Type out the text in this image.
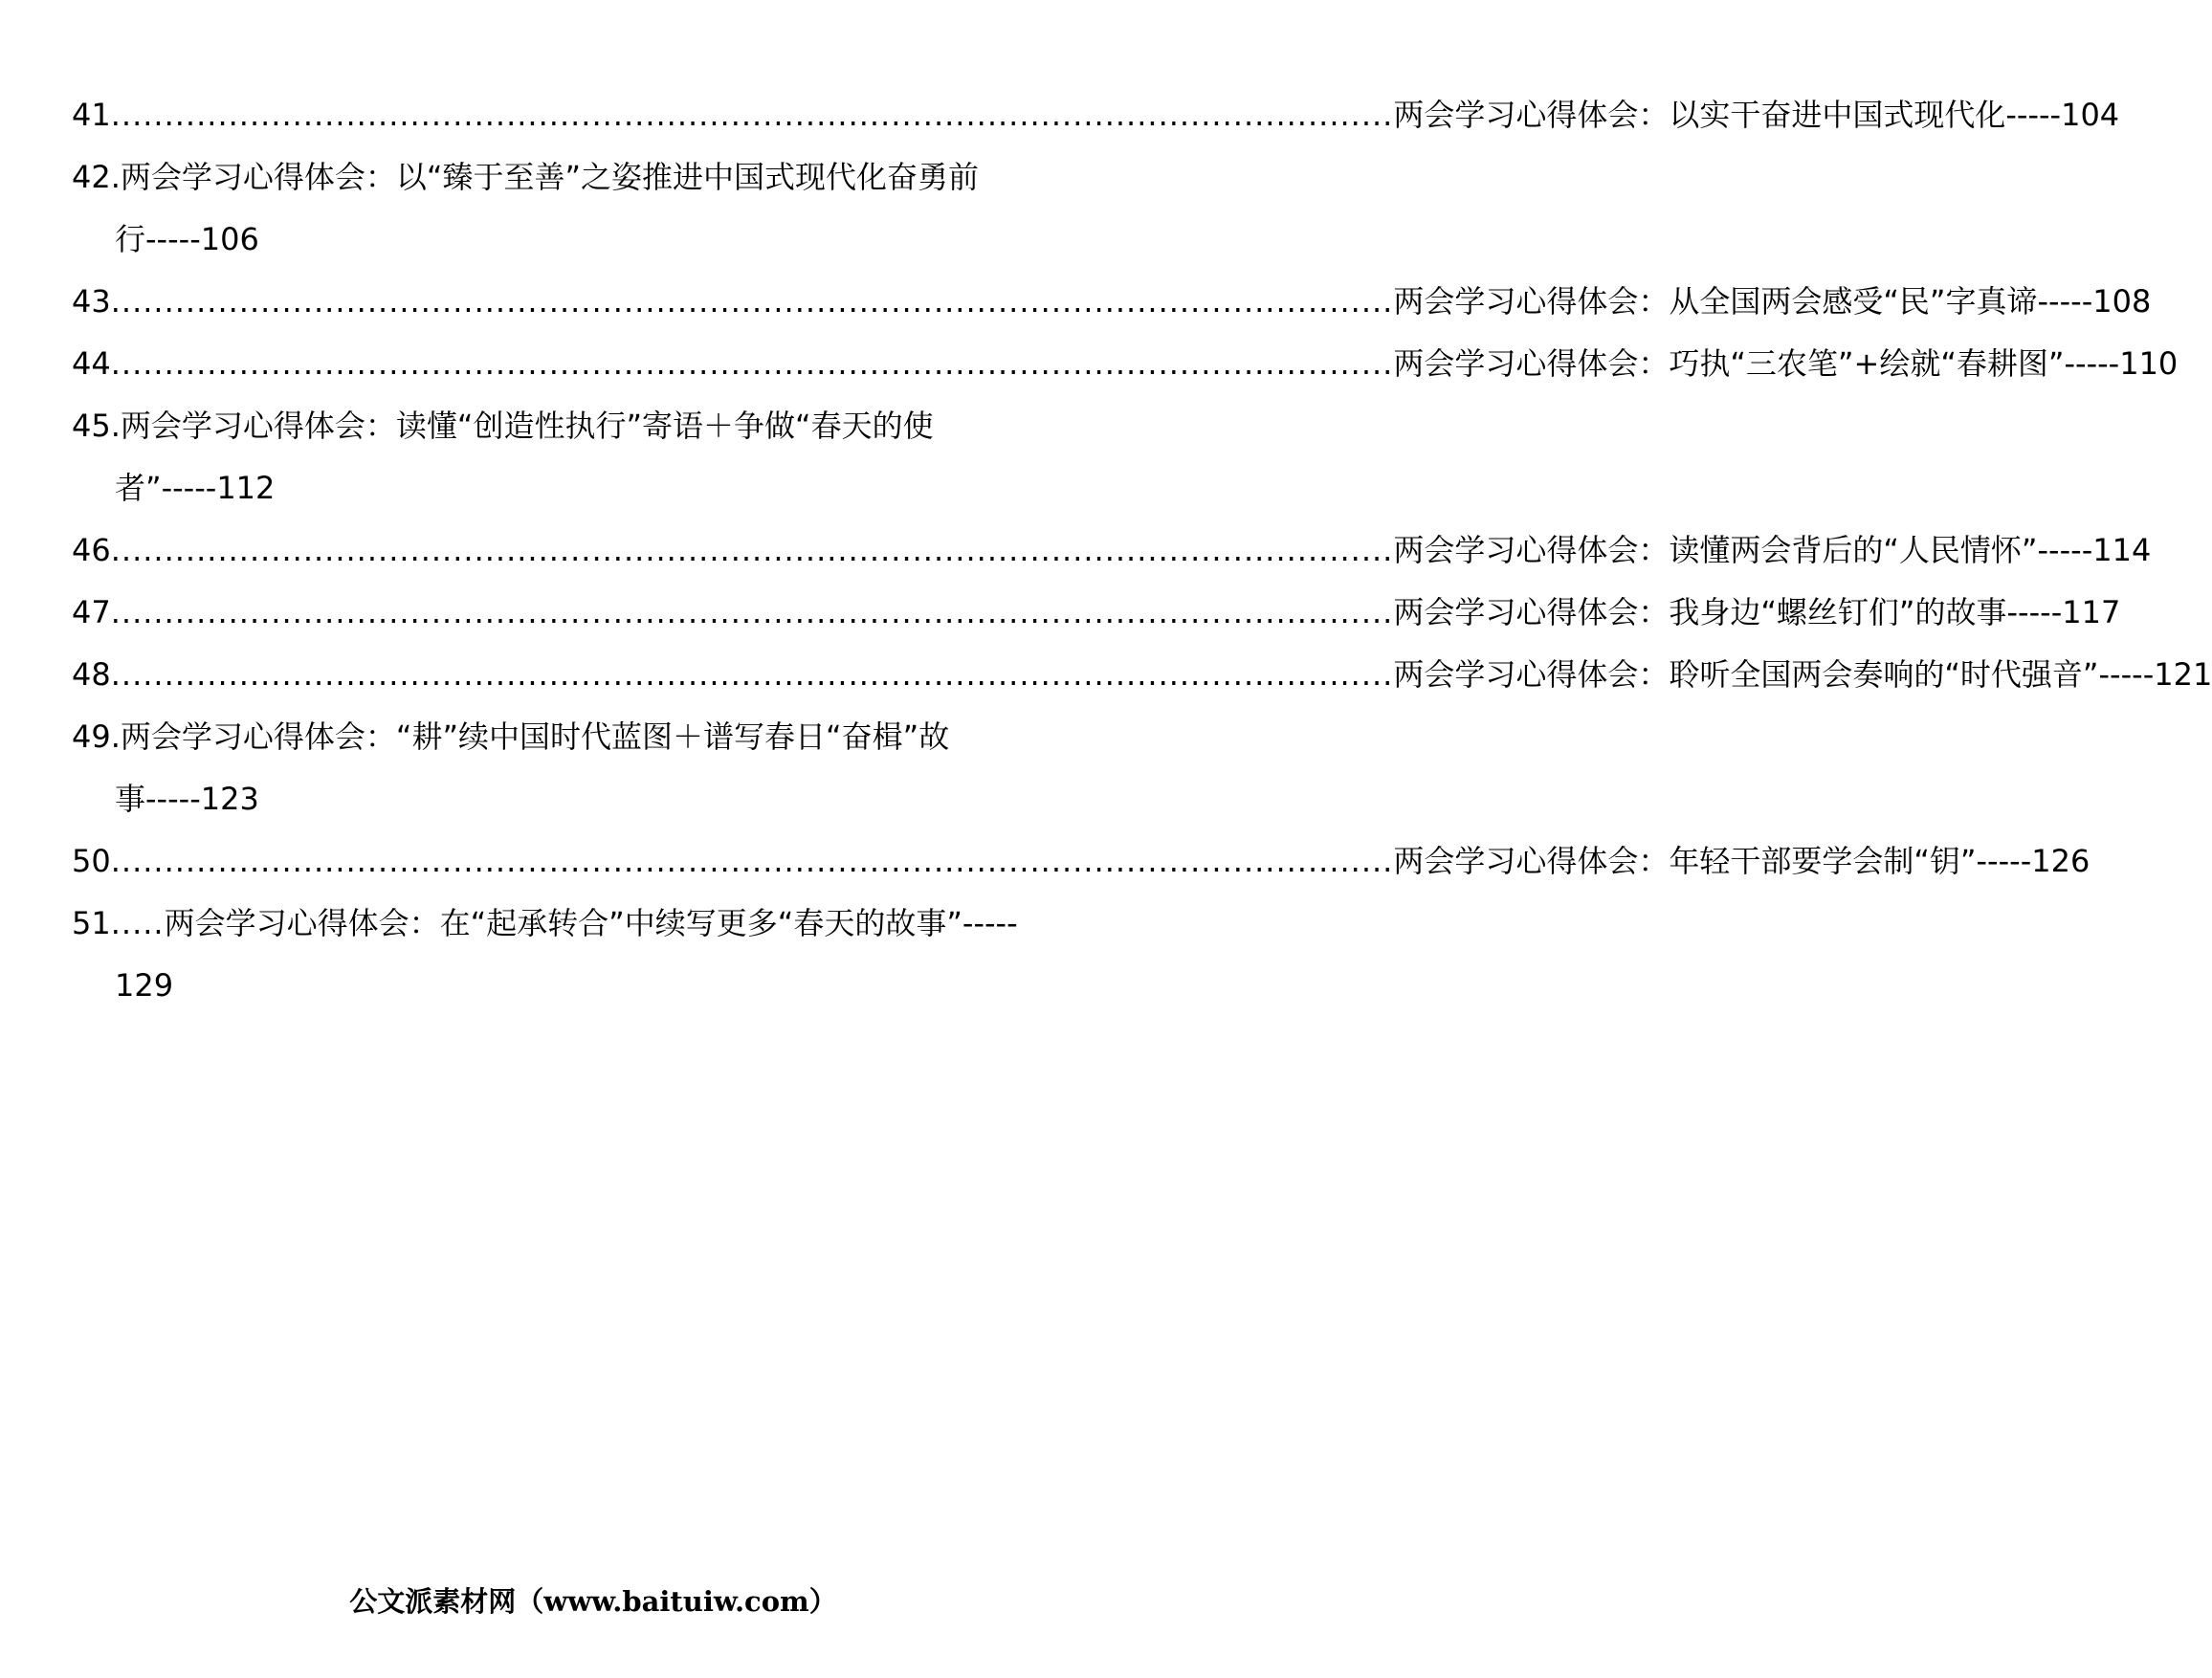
41 ........................................................................................................................ 两会学习心得体会：以实干奋进中国式现代化-----104
42.两会学习心得体会：以“臻于至善”之姿推进中国式现代化奋勇前
行-----106
43 ........................................................................................................................ 两会学习心得体会：从全国两会感受“民”字真谛-----108
44 ........................................................................................................................ 两会学习心得体会：巧执“三农笔”+绘就“春耕图”-----110
45.两会学习心得体会：读懂“创造性执行”寄语＋争做“春天的使
者”-----112
46 ........................................................................................................................ 两会学习心得体会：读懂两会背后的“人民情怀”-----114
47 ........................................................................................................................ 两会学习心得体会：我身边“螺丝钉们”的故事-----117
48 ........................................................................................................................ 两会学习心得体会：聆听全国两会奏响的“时代强音”-----121
49.两会学习心得体会：“耕”续中国时代蓝图＋谱写春日“奋楫”故
事-----123
50 ........................................................................................................................ 两会学习心得体会：年轻干部要学会制“钥”-----126
51 ..... 两会学习心得体会：在“起承转合”中续写更多“春天的故事”-----
129
公文派素材网（www.baituiw.com）
